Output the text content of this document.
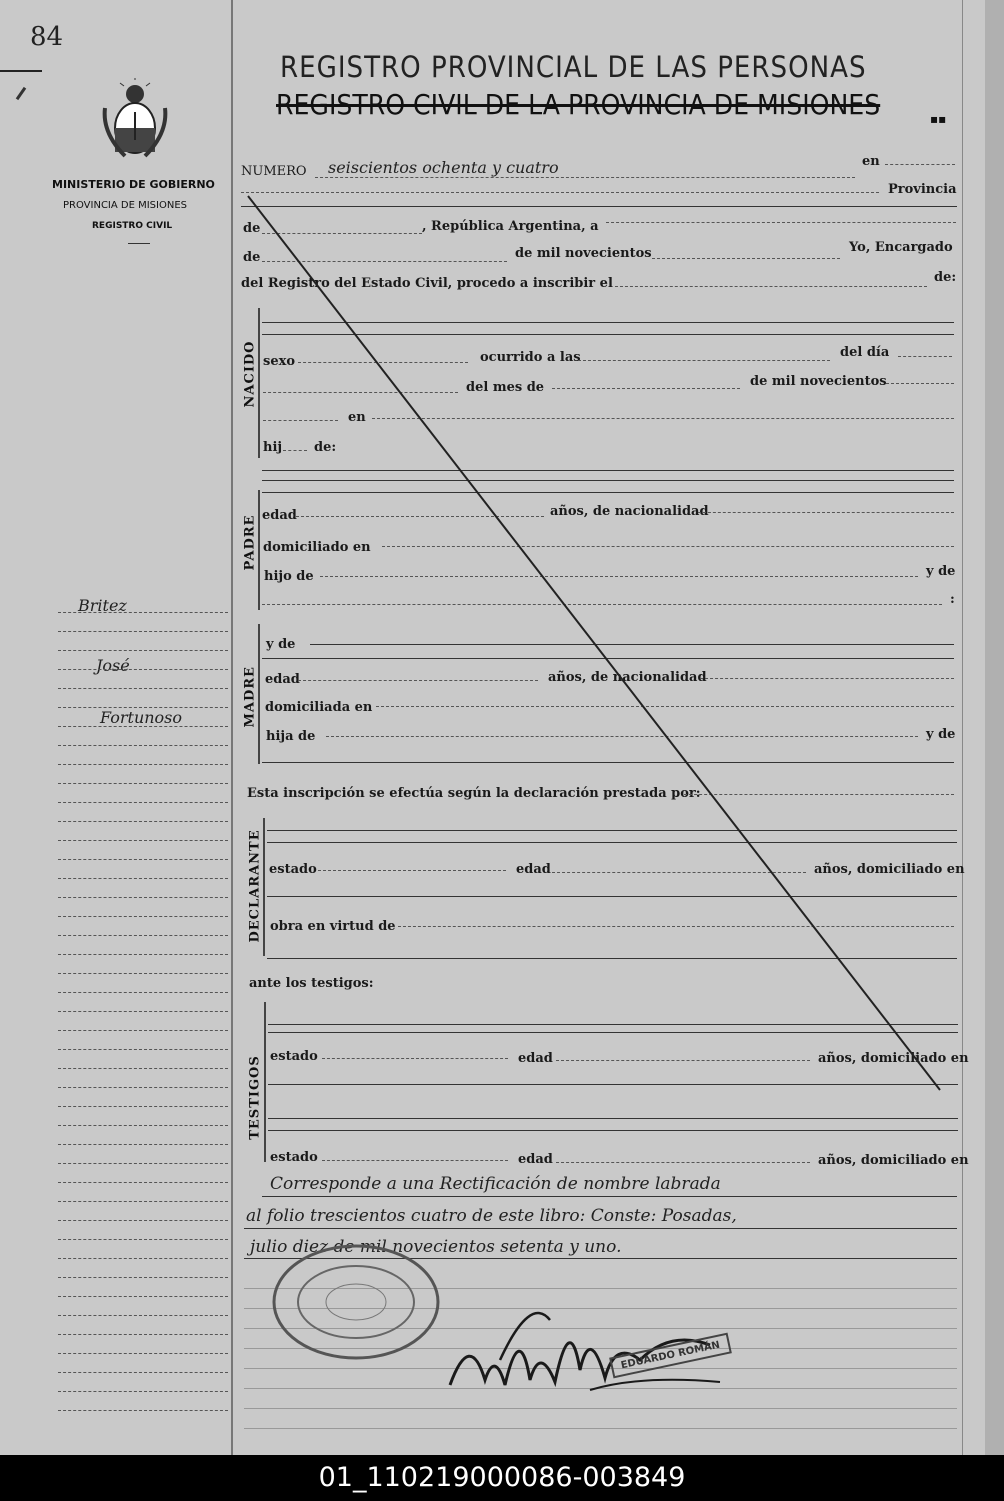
84
MINISTERIO DE GOBIERNO
PROVINCIA DE MISIONES
REGISTRO CIVIL
Britez
José
Fortunoso
REGISTRO PROVINCIAL DE LAS PERSONAS
REGISTRO CIVIL DE LA PROVINCIA DE MISIONES	▪▪
NUMERO seiscientos ochenta y cuatro	en
Provincia
de	, República Argentina, a
de	de mil novecientos	Yo, Encargado
del Registro del Estado Civil, procedo a inscribir el	de:
NACIDO sexo	ocurrido a las	del día
del mes de	de mil novecientos
en
hij de:
PADRE edad	años, de nacionalidad
domiciliado en
hijo de	y de
:
MADRE
y de
edad	años, de nacionalidad
domiciliada en
hija de	y de
Esta inscripción se efectúa según la declaración prestada por:
DECLARANTE estado	edad	años, domiciliado en
obra en virtud de
ante los testigos:
TESTIGOS estado	edad	años, domiciliado en
estado	edad	años, domiciliado en
Corresponde a una Rectificación de nombre labrada
al folio trescientos cuatro de este libro: Conste: Posadas,
julio diez de mil novecientos setenta y uno.
EDUARDO ROMÁN
01_110219000086-003849
